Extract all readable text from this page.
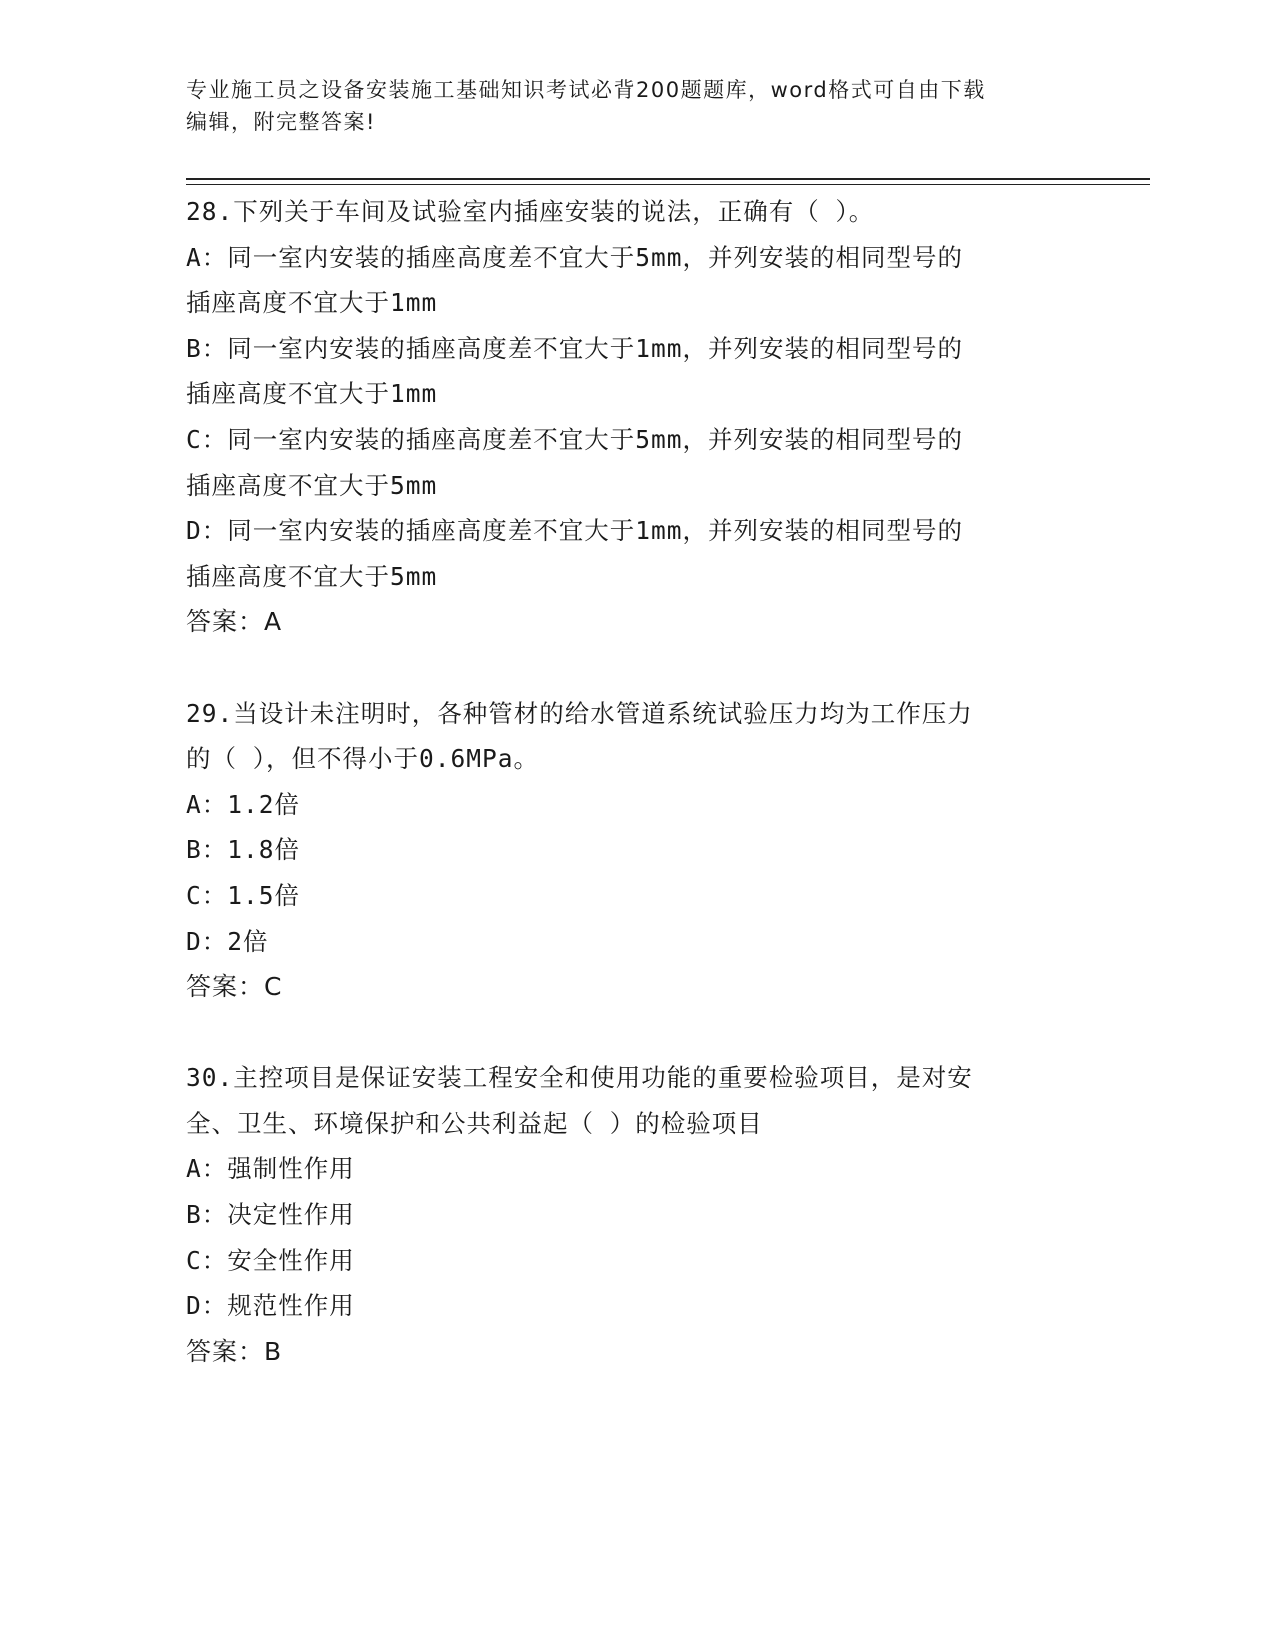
专业施工员之设备安装施工基础知识考试必背200题题库，word格式可自由下载
编辑，附完整答案!
28.下列关于车间及试验室内插座安装的说法，正确有（ ）。
A：同一室内安装的插座高度差不宜大于5mm，并列安装的相同型号的
插座高度不宜大于1mm
B：同一室内安装的插座高度差不宜大于1mm，并列安装的相同型号的
插座高度不宜大于1mm
C：同一室内安装的插座高度差不宜大于5mm，并列安装的相同型号的
插座高度不宜大于5mm
D：同一室内安装的插座高度差不宜大于1mm，并列安装的相同型号的
插座高度不宜大于5mm
答案：A
29.当设计未注明时，各种管材的给水管道系统试验压力均为工作压力
的（ ），但不得小于0.6MPa。
A：1.2倍
B：1.8倍
C：1.5倍
D：2倍
答案：C
30.主控项目是保证安装工程安全和使用功能的重要检验项目，是对安
全、卫生、环境保护和公共利益起（ ）的检验项目
A：强制性作用
B：决定性作用
C：安全性作用
D：规范性作用
答案：B
